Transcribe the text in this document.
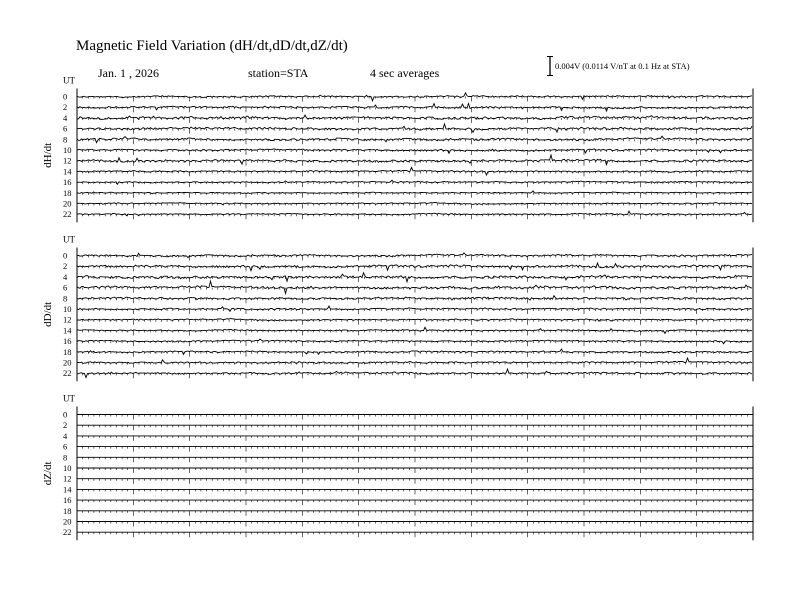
Magnetic Field Variation (dH/dt,dD/dt,dZ/dt)
Jan. 1 , 2026	station=STA	4 sec averages	0.004V (0.0114 V/nT at 0.1 Hz at STA)
UT
dH/dt
0
2
4
6
8
10
12
14
16
18
20
22
UT
dD/dt
0
2
4
6
8
10
12
14
16
18
20
22
UT
dZ/dt
0
2
4
6
8
10
12
14
16
18
20
22
